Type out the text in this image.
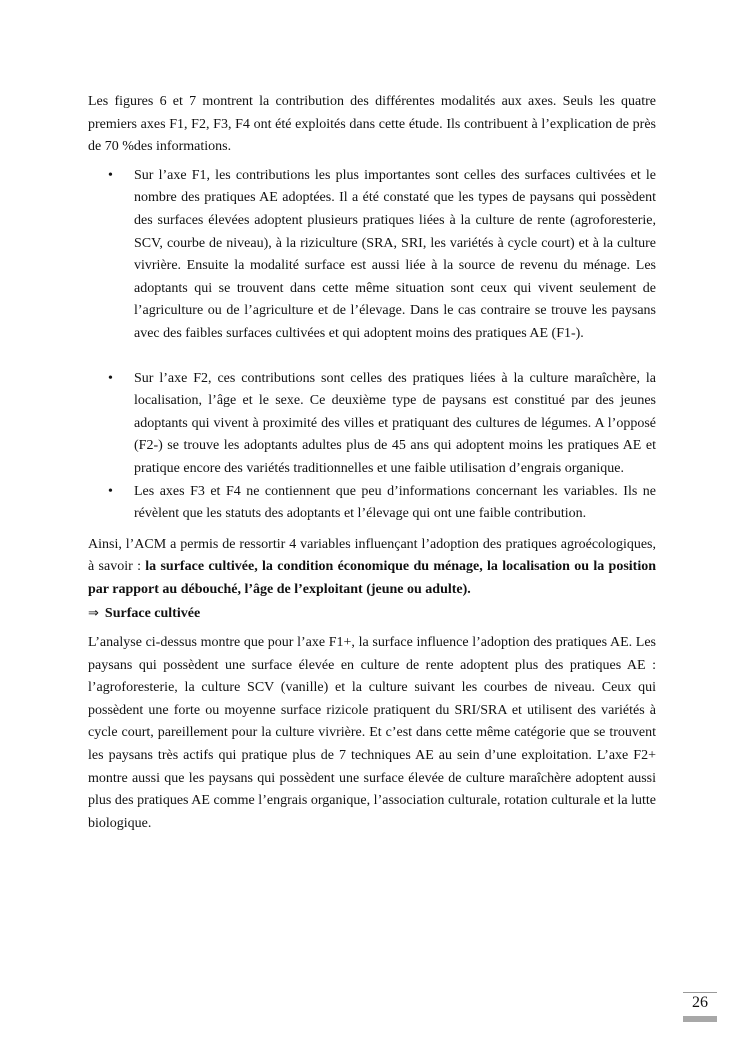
Les figures 6 et 7 montrent la contribution des différentes modalités aux axes. Seuls les quatre premiers axes F1, F2, F3, F4 ont été exploités dans cette étude. Ils contribuent à l’explication de près de 70 %des informations.

• Sur l’axe F1, les contributions les plus importantes sont celles des surfaces cultivées et le nombre des pratiques AE adoptées. Il a été constaté que les types de paysans qui possèdent des surfaces élevées adoptent plusieurs pratiques liées à la culture de rente (agroforesterie, SCV, courbe de niveau), à la riziculture (SRA, SRI, les variétés à cycle court) et à la culture vivrière. Ensuite la modalité surface est aussi liée à la source de revenu du ménage. Les adoptants qui se trouvent dans cette même situation sont ceux qui vivent seulement de l’agriculture ou de l’agriculture et de l’élevage. Dans le cas contraire se trouve les paysans avec des faibles surfaces cultivées et qui adoptent moins des pratiques AE (F1-).
• Sur l’axe F2, ces contributions sont celles des pratiques liées à la culture maraîchère, la localisation, l’âge et le sexe. Ce deuxième type de paysans est constitué par des jeunes adoptants qui vivent à proximité des villes et pratiquant des cultures de légumes. A l’opposé (F2-) se trouve les adoptants adultes plus de 45 ans qui adoptent moins les pratiques AE et pratique encore des variétés traditionnelles et une faible utilisation d’engrais organique.
• Les axes F3 et F4 ne contiennent que peu d’informations concernant les variables. Ils ne révèlent que les statuts des adoptants et l’élevage qui ont une faible contribution.

Ainsi, l’ACM a permis de ressortir 4 variables influençant l’adoption des pratiques agroécologiques, à savoir : la surface cultivée, la condition économique du ménage, la localisation ou la position par rapport au débouché, l’âge de l’exploitant (jeune ou adulte).

⇒ Surface cultivée

L’analyse ci-dessus montre que pour l’axe F1+, la surface influence l’adoption des pratiques AE. Les paysans qui possèdent une surface élevée en culture de rente adoptent plus des pratiques AE : l’agroforesterie, la culture SCV (vanille) et la culture suivant les courbes de niveau. Ceux qui possèdent une forte ou moyenne surface rizicole pratiquent du SRI/SRA et utilisent des variétés à cycle court, pareillement pour la culture vivrière. Et c’est dans cette même catégorie que se trouvent les paysans très actifs qui pratique plus de 7 techniques AE au sein d’une exploitation. L’axe F2+ montre aussi que les paysans qui possèdent une surface élevée de culture maraîchère adoptent aussi plus des pratiques AE comme l’engrais organique, l’association culturale, rotation culturale et la lutte biologique.

26
